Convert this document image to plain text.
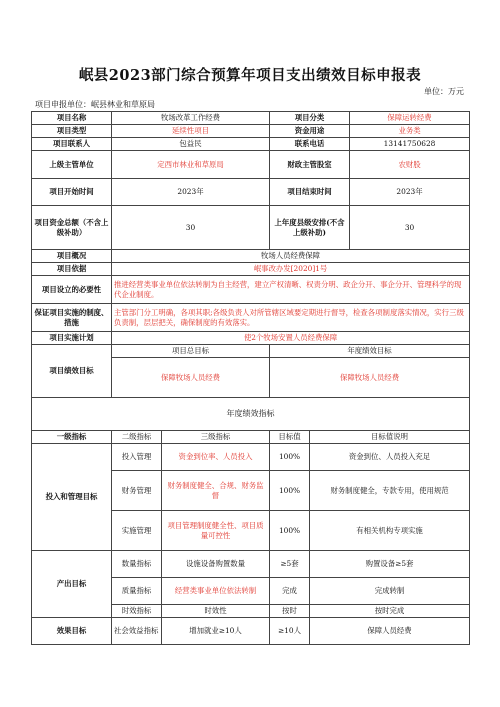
岷县2023部门综合预算年项目支出绩效目标申报表
单位：万元
项目申报单位：岷县林业和草原局
项目名称	牧场改革工作经费		项目分类		保障运转经费
项目类型	延续性项目		资金用途		业务类
项目联系人	包益民		联系电话		13141750628
上级主管单位	定西市林业和草原局		财政主管股室		农财股
项目开始时间	2023年		项目结束时间		2023年
项目资金总额（不含上级补助）	30		上年度县级安排(不含上级补助)		30
项目概况	牧场人员经费保障				
项目依据	岷事改办发[2020]1号				
项目设立的必要性	推进经营类事业单位依法转制为自主经营，建立产权清晰、权责分明、政企分开、事企分开、管理科学的现代企业制度。				
保证项目实施的制度、措施	主管部门分工明确，各项其职;各级负责人对所管辖区域要定期进行督导，检查各项制度落实情况，实行三级负责制，层层把关，确保制度的有效落实。				
项目实施计划	使2个牧场安置人员经费保障				
项目绩效目标	项目总目标		年度绩效目标		
	保障牧场人员经费		保障牧场人员经费		
年度绩效指标					
一级指标	二级指标	三级指标	目标值	目标值说明	
投入和管理目标	投入管理	资金到位率、人员投入	100%	资金到位、人员投入充足	
	财务管理	财务制度健全、合规、财务监督	100%	财务制度健全，专款专用，使用规范	
	实施管理	项目管理制度健全性、项目质量可控性	100%	有相关机构专项实施	
产出目标	数量指标	设施设备购置数量	≥5套	购置设备≥5套	
	质量指标	经营类事业单位依法转制	完成	完成转制	
	时效指标	时效性	按时	按时完成	
效果目标	社会效益指标	增加就业≥10人	≥10人	保障人员经费	
